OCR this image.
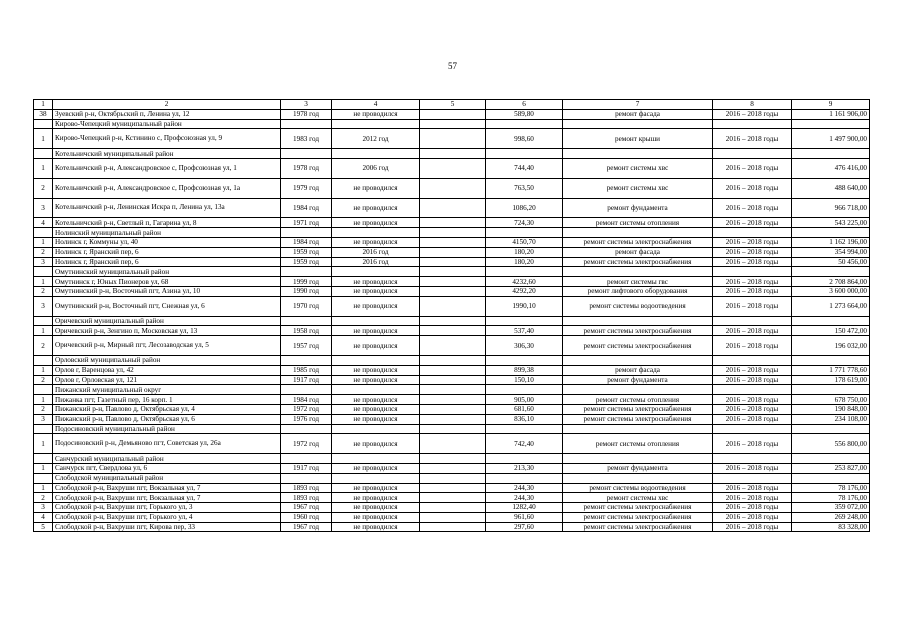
57
1	2	3	4	5	6	7	8	9
38	Зуевский р-н, Октябрьский п, Ленина ул, 12	1978 год	не проводился		589,80	ремонт фасада	2016 – 2018 годы	1 161 906,00
	Кирово-Чепецкий муниципальный район							
1	Кирово-Чепецкий р-н, Кстинино с, Профсоюзная ул, 9	1983 год	2012 год		998,60	ремонт крыши	2016 – 2018 годы	1 497 900,00
	Котельничский муниципальный район							
1	Котельничский р-н, Александровское с, Профсоюзная ул, 1	1978 год	2006 год		744,40	ремонт системы хвс	2016 – 2018 годы	476 416,00
2	Котельничский р-н, Александровское с, Профсоюзная ул, 1а	1979 год	не проводился		763,50	ремонт системы хвс	2016 – 2018 годы	488 640,00
3	Котельничский р-н, Ленинская Искра п, Ленина ул, 13а	1984 год	не проводился		1086,20	ремонт фундамента	2016 – 2018 годы	966 718,00
4	Котельничский р-н, Светлый п, Гагарина ул, 8	1971 год	не проводился		724,30	ремонт системы отопления	2016 – 2018 годы	543 225,00
	Нолинский муниципальный район							
1	Нолинск г, Коммуны ул, 40	1984 год	не проводился		4150,70	ремонт системы электроснабжения	2016 – 2018 годы	1 162 196,00
2	Нолинск г, Яранский пер, 6	1959 год	2016 год		180,20	ремонт фасада	2016 – 2018 годы	354 994,00
3	Нолинск г, Яранский пер, 6	1959 год	2016 год		180,20	ремонт системы электроснабжения	2016 – 2018 годы	50 456,00
	Омутнинский муниципальный район							
1	Омутнинск г, Юных Пионеров ул, 68	1999 год	не проводился		4232,60	ремонт системы гвс	2016 – 2018 годы	2 708 864,00
2	Омутнинский р-н, Восточный пгт, Азина ул, 10	1990 год	не проводился		4292,20	ремонт лифтового оборудования	2016 – 2018 годы	3 600 000,00
3	Омутнинский р-н, Восточный пгт, Снежная ул, 6	1970 год	не проводился		1990,10	ремонт системы водоотведения	2016 – 2018 годы	1 273 664,00
	Оричевский муниципальный район							
1	Оричевский р-н, Зенгино п, Московская ул, 13	1958 год	не проводился		537,40	ремонт системы электроснабжения	2016 – 2018 годы	150 472,00
2	Оричевский р-н, Мирный пгт, Лесозаводская ул, 5	1957 год	не проводился		306,30	ремонт системы электроснабжения	2016 – 2018 годы	196 032,00
	Орловский муниципальный район							
1	Орлов г, Варенцова ул, 42	1985 год	не проводился		899,38	ремонт фасада	2016 – 2018 годы	1 771 778,60
2	Орлов г, Орловская ул, 121	1917 год	не проводился		150,10	ремонт фундамента	2016 – 2018 годы	178 619,00
	Пижанский муниципальный округ							
1	Пижанка пгт, Газетный пер, 16 корп. 1	1984 год	не проводился		905,00	ремонт системы отопления	2016 – 2018 годы	678 750,00
2	Пижанский р-н, Павлово д, Октябрьская ул, 4	1972 год	не проводился		681,60	ремонт системы электроснабжения	2016 – 2018 годы	190 848,00
3	Пижанский р-н, Павлово д, Октябрьская ул, 6	1976 год	не проводился		836,10	ремонт системы электроснабжения	2016 – 2018 годы	234 108,00
	Подосиновский муниципальный район							
1	Подосиновский р-н, Демьяново пгт, Советская ул, 26а	1972 год	не проводился		742,40	ремонт системы отопления	2016 – 2018 годы	556 800,00
	Санчурский муниципальный район							
1	Санчурск пгт, Свердлова ул, 6	1917 год	не проводился		213,30	ремонт фундамента	2016 – 2018 годы	253 827,00
	Слободской муниципальный район							
1	Слободской р-н, Вахруши пгт, Вокзальная ул, 7	1893 год	не проводился		244,30	ремонт системы водоотведения	2016 – 2018 годы	78 176,00
2	Слободской р-н, Вахруши пгт, Вокзальная ул, 7	1893 год	не проводился		244,30	ремонт системы хвс	2016 – 2018 годы	78 176,00
3	Слободской р-н, Вахруши пгт, Горького ул, 3	1967 год	не проводился		1282,40	ремонт системы электроснабжения	2016 – 2018 годы	359 072,00
4	Слободской р-н, Вахруши пгт, Горького ул, 4	1960 год	не проводился		961,60	ремонт системы электроснабжения	2016 – 2018 годы	269 248,00
5	Слободской р-н, Вахруши пгт, Кирова пер, 33	1967 год	не проводился		297,60	ремонт системы электроснабжения	2016 – 2018 годы	83 328,00
